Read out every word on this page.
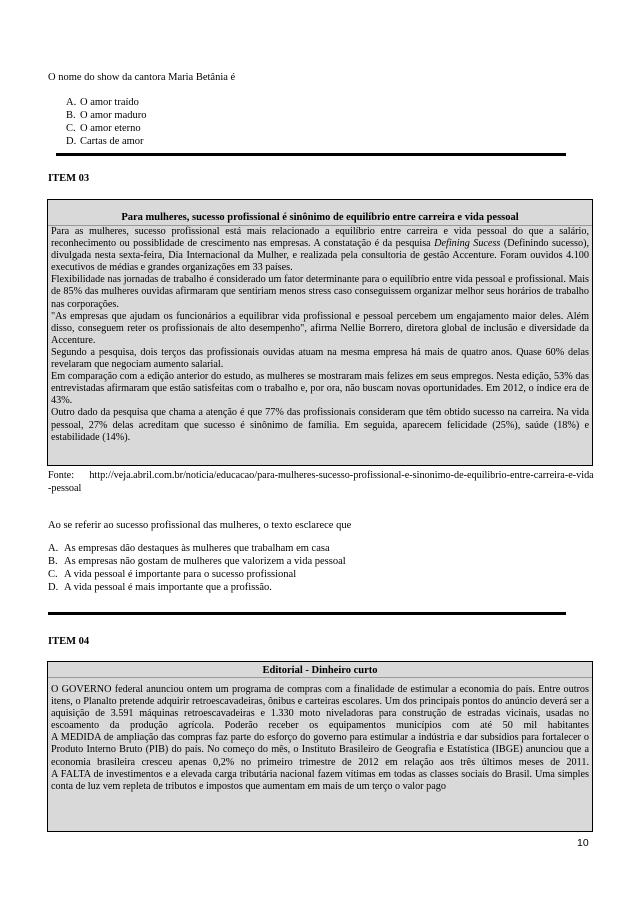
O nome do show da cantora Maria Betânia é
A. O amor traído
B. O amor maduro
C. O amor eterno
D. Cartas de amor
ITEM 03
Para mulheres, sucesso profissional é sinônimo de equilíbrio entre carreira e vida pessoal

Para as mulheres, sucesso profissional está mais relacionado a equilíbrio entre carreira e vida pessoal do que a salário, reconhecimento ou possiblidade de crescimento nas empresas. A constatação é da pesquisa Defining Sucess (Definindo sucesso), divulgada nesta sexta-feira, Dia Internacional da Mulher, e realizada pela consultoria de gestão Accenture. Foram ouvidos 4.100 executivos de médias e grandes organizações em 33 países.

Flexibilidade nas jornadas de trabalho é considerado um fator determinante para o equilíbrio entre vida pessoal e profissional. Mais de 85% das mulheres ouvidas afirmaram que sentiriam menos stress caso conseguissem organizar melhor seus horários de trabalho nas corporações.

"As empresas que ajudam os funcionários a equilibrar vida profissional e pessoal percebem um engajamento maior deles. Além disso, conseguem reter os profissionais de alto desempenho", afirma Nellie Borrero, diretora global de inclusão e diversidade da Accenture.

Segundo a pesquisa, dois terços das profissionais ouvidas atuam na mesma empresa há mais de quatro anos. Quase 60% delas revelaram que negociam aumento salarial.

Em comparação com a edição anterior do estudo, as mulheres se mostraram mais felizes em seus empregos. Nesta edição, 53% das entrevistadas afirmaram que estão satisfeitas com o trabalho e, por ora, não buscam novas oportunidades. Em 2012, o índice era de 43%.

Outro dado da pesquisa que chama a atenção é que 77% das profissionais consideram que têm obtido sucesso na carreira. Na vida pessoal, 27% delas acreditam que sucesso é sinônimo de família. Em seguida, aparecem felicidade (25%), saúde (18%) e estabilidade (14%).

Fonte: http://veja.abril.com.br/noticia/educacao/para-mulheres-sucesso-profissional-e-sinonimo-de-equilibrio-entre-carreira-e-vida-pessoal
Ao se referir ao sucesso profissional das mulheres, o texto esclarece que
A. As empresas dão destaques às mulheres que trabalham em casa
B. As empresas não gostam de mulheres que valorizem a vida pessoal
C. A vida pessoal é importante para o sucesso profissional
D. A vida pessoal é mais importante que a profissão.
ITEM 04
Editorial - Dinheiro curto

O GOVERNO federal anunciou ontem um programa de compras com a finalidade de estimular a economia do país. Entre outros itens, o Planalto pretende adquirir retroescavadeiras, ônibus e carteiras escolares. Um dos principais pontos do anúncio deverá ser a aquisição de 3.591 máquinas retroescavadeiras e 1.330 moto niveladoras para construção de estradas vicinais, usadas no escoamento da produção agrícola. Poderão receber os equipamentos municípios com até 50 mil habitantes

A MEDIDA de ampliação das compras faz parte do esforço do governo para estimular a indústria e dar subsídios para fortalecer o Produto Interno Bruto (PIB) do país. No começo do mês, o Instituto Brasileiro de Geografia e Estatística (IBGE) anunciou que a economia brasileira cresceu apenas 0,2% no primeiro trimestre de 2012 em relação aos três últimos meses de 2011.

A FALTA de investimentos e a elevada carga tributária nacional fazem vítimas em todas as classes sociais do Brasil. Uma simples conta de luz vem repleta de tributos e impostos que aumentam em mais de um terço o valor pago

10
